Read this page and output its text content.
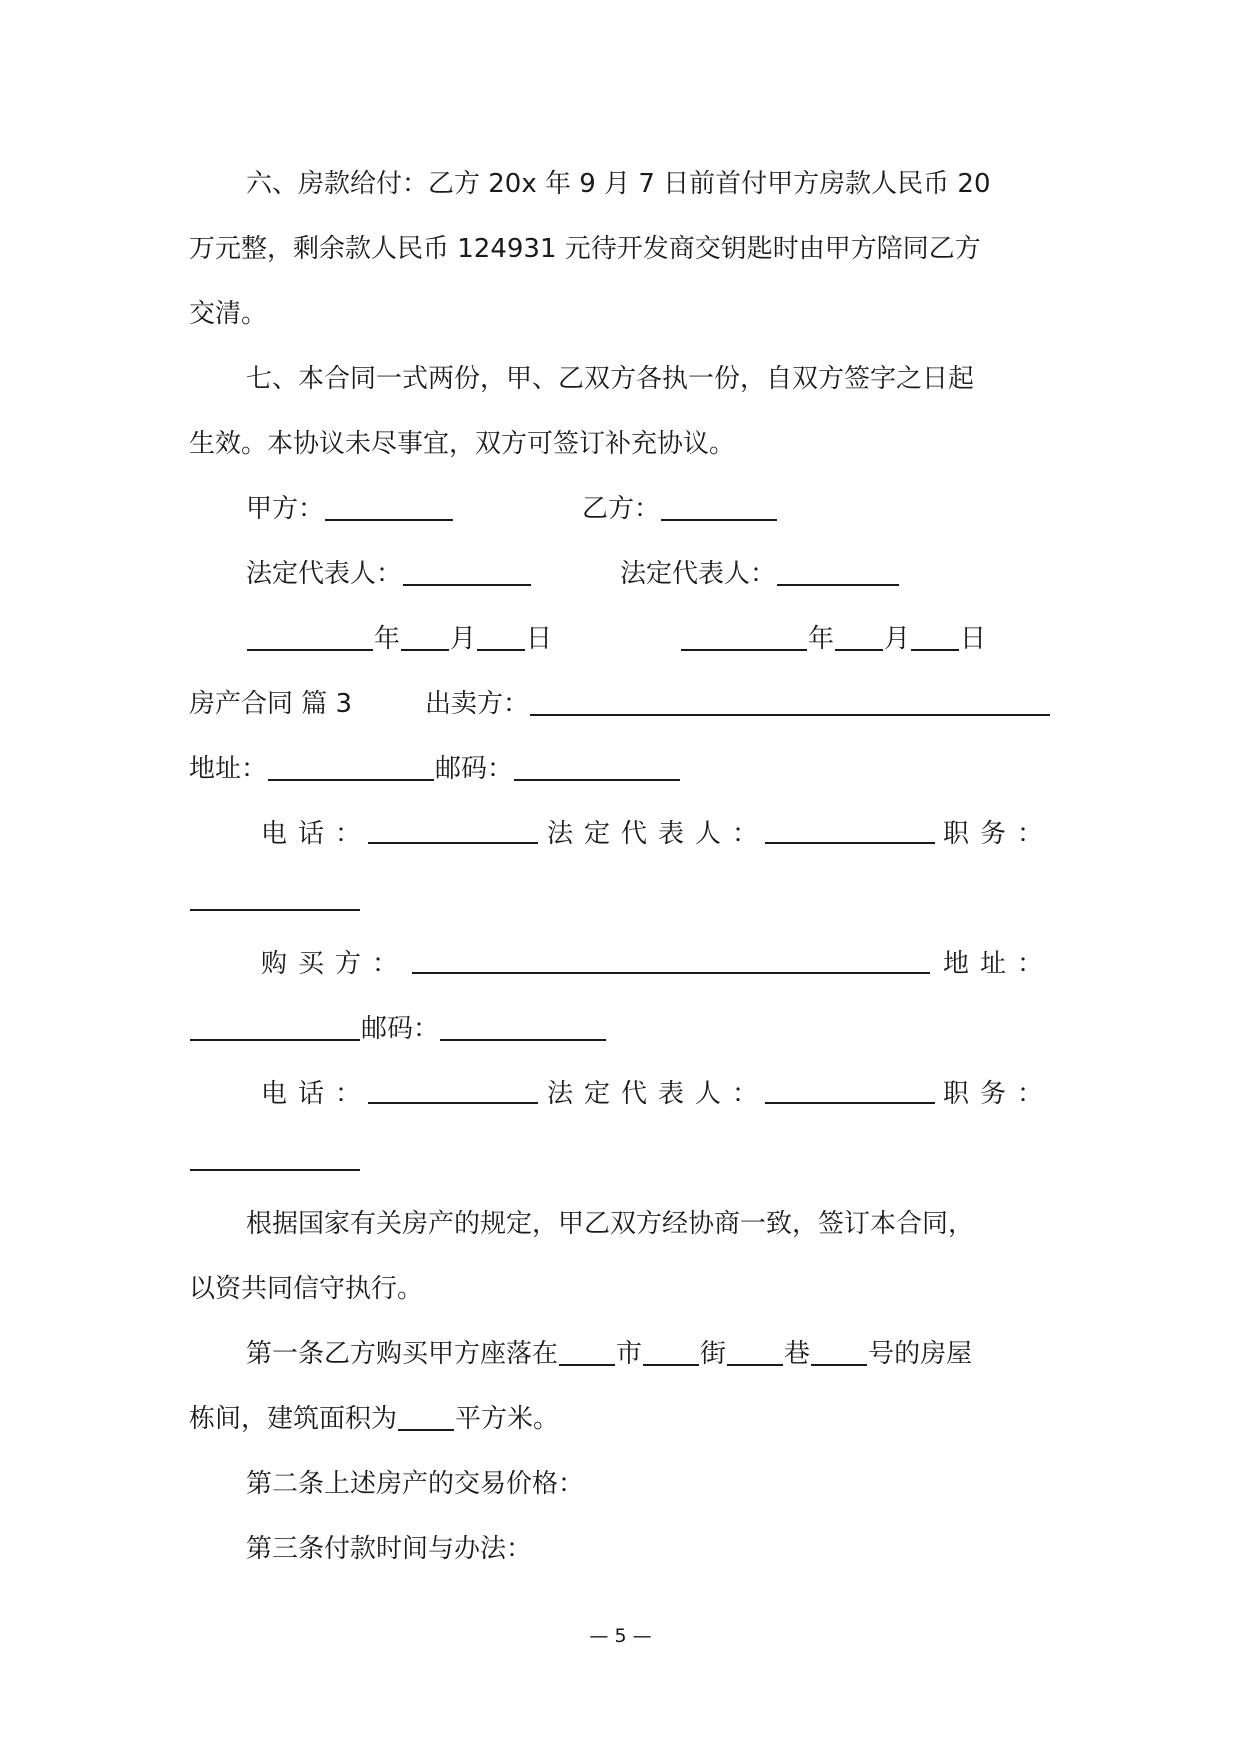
六、房款给付：乙方 20x 年 9 月 7 日前首付甲方房款人民币 20
万元整，剩余款人民币 124931 元待开发商交钥匙时由甲方陪同乙方
交清。
七、本合同一式两份，甲、乙双方各执一份，自双方签字之日起
生效。本协议未尽事宜，双方可签订补充协议。
甲方：	乙方：
法定代表人：	法定代表人：
年 月 日	年 月 日
房产合同 篇 3	出卖方：
地址：	邮码：
电话：	法定代表人：	职务：
购买方：	地址：
邮码：
电话：	法定代表人：	职务：
根据国家有关房产的规定，甲乙双方经协商一致，签订本合同，
以资共同信守执行。
第一条乙方购买甲方座落在 市 街 巷 号的房屋
栋间，建筑面积为 平方米。
第二条上述房产的交易价格：
第三条付款时间与办法：
— 5 —
